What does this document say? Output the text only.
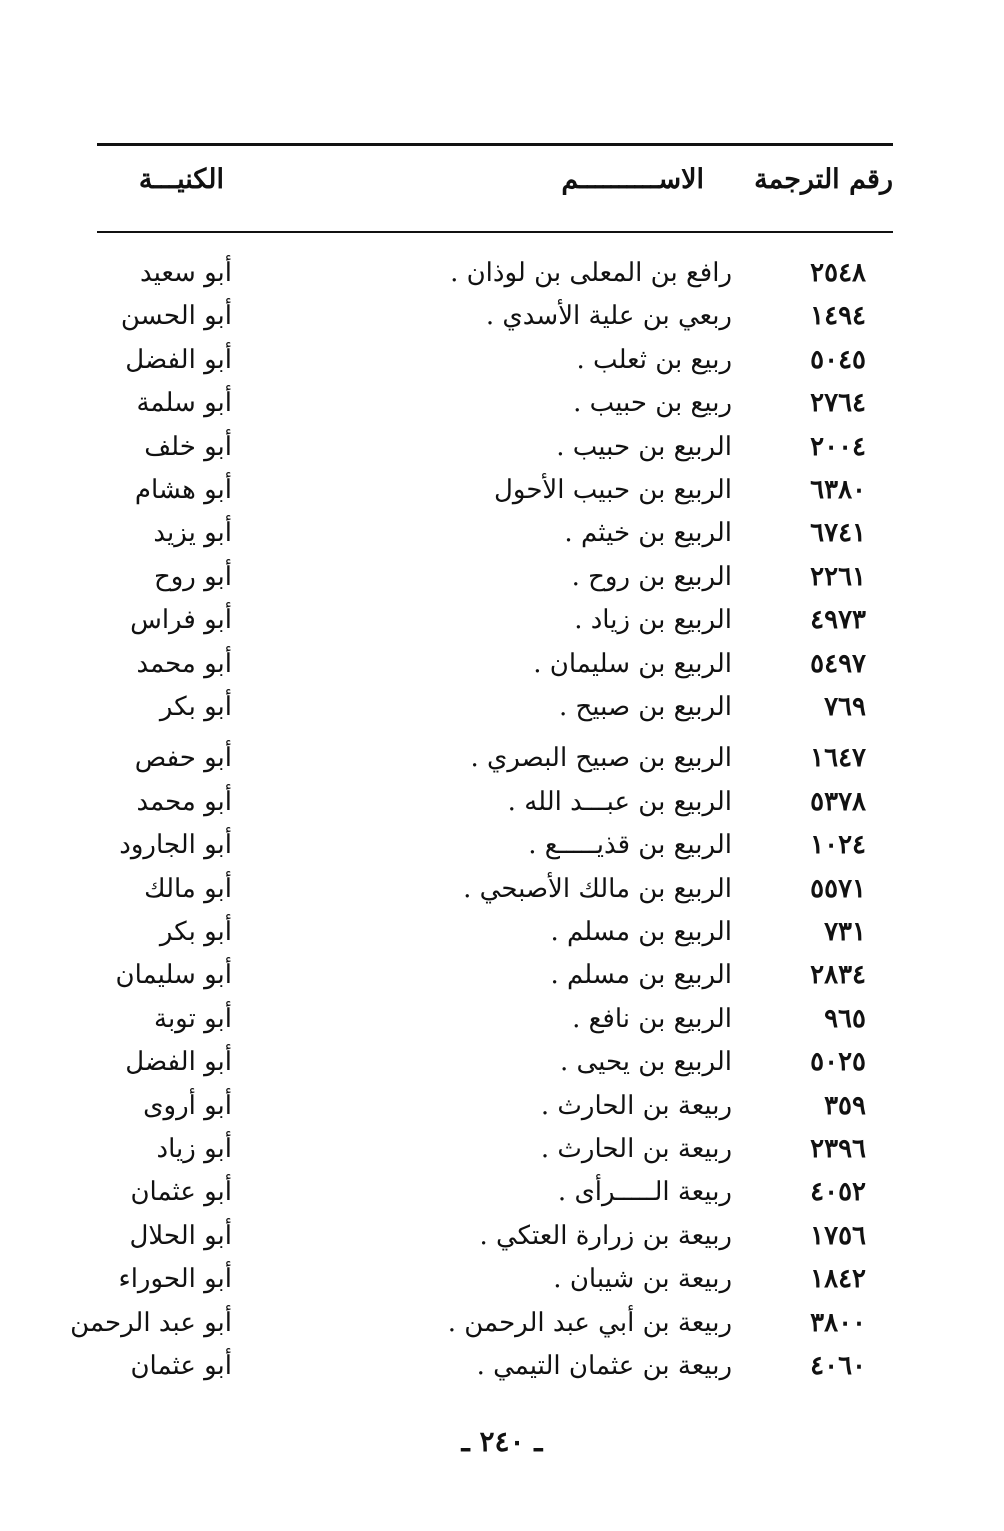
رقم الترجمة
الاســــــــــم
الكنيـــة
٢٥٤٨
رافع بن المعلى بن لوذان .
أبو سعيد
١٤٩٤
ربعي بن علية الأسدي .
أبو الحسن
٥٠٤٥
ربيع بن ثعلب .
أبو الفضل
٢٧٦٤
ربيع بن حبيب .
أبو سلمة
٢٠٠٤
الربيع بن حبيب .
أبو خلف
٦٣٨٠
الربيع بن حبيب الأحول
أبو هشام
٦٧٤١
الربيع بن خيثم .
أبو يزيد
٢٢٦١
الربيع بن روح .
أبو روح
٤٩٧٣
الربيع بن زياد .
أبو فراس
٥٤٩٧
الربيع بن سليمان .
أبو محمد
٧٦٩
الربيع بن صبيح .
أبو بكر
١٦٤٧
الربيع بن صبيح البصري .
أبو حفص
٥٣٧٨
الربيع بن عبـــد الله .
أبو محمد
١٠٢٤
الربيع بن قذيـــــع .
أبو الجارود
٥٥٧١
الربيع بن مالك الأصبحي .
أبو مالك
٧٣١
الربيع بن مسلم .
أبو بكر
٢٨٣٤
الربيع بن مسلم .
أبو سليمان
٩٦٥
الربيع بن نافع .
أبو توبة
٥٠٢٥
الربيع بن يحيى .
أبو الفضل
٣٥٩
ربيعة بن الحارث .
أبو أروى
٢٣٩٦
ربيعة بن الحارث .
أبو زياد
٤٠٥٢
ربيعة الـــــرأى .
أبو عثمان
١٧٥٦
ربيعة بن زرارة العتكي .
أبو الحلال
١٨٤٢
ربيعة بن شيبان .
أبو الحوراء
٣٨٠٠
ربيعة بن أبي عبد الرحمن .
أبو عبد الرحمن
٤٠٦٠
ربيعة بن عثمان التيمي .
أبو عثمان
ـ ٢٤٠ ـ
